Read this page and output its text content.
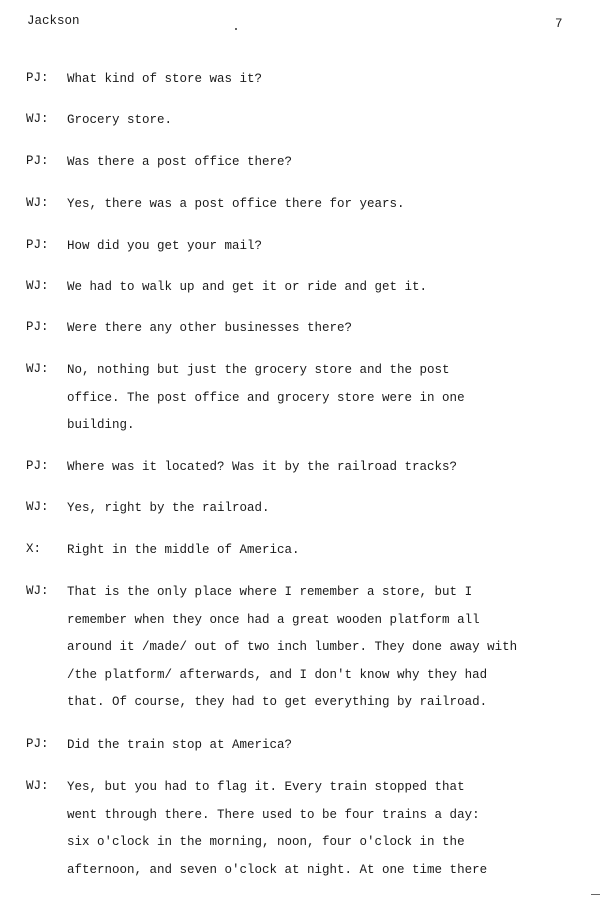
Jackson	7
PJ: What kind of store was it?
WJ: Grocery store.
PJ: Was there a post office there?
WJ: Yes, there was a post office there for years.
PJ: How did you get your mail?
WJ: We had to walk up and get it or ride and get it.
PJ: Were there any other businesses there?
WJ: No, nothing but just the grocery store and the post
office. The post office and grocery store were in one
building.
PJ: Where was it located? Was it by the railroad tracks?
WJ: Yes, right by the railroad.
X: Right in the middle of America.
WJ: That is the only place where I remember a store, but I
remember when they once had a great wooden platform all
around it /made/ out of two inch lumber. They done away with
/the platform/ afterwards, and I don't know why they had
that. Of course, they had to get everything by railroad.
PJ: Did the train stop at America?
WJ: Yes, but you had to flag it. Every train stopped that
went through there. There used to be four trains a day:
six o'clock in the morning, noon, four o'clock in the
afternoon, and seven o'clock at night. At one time there
